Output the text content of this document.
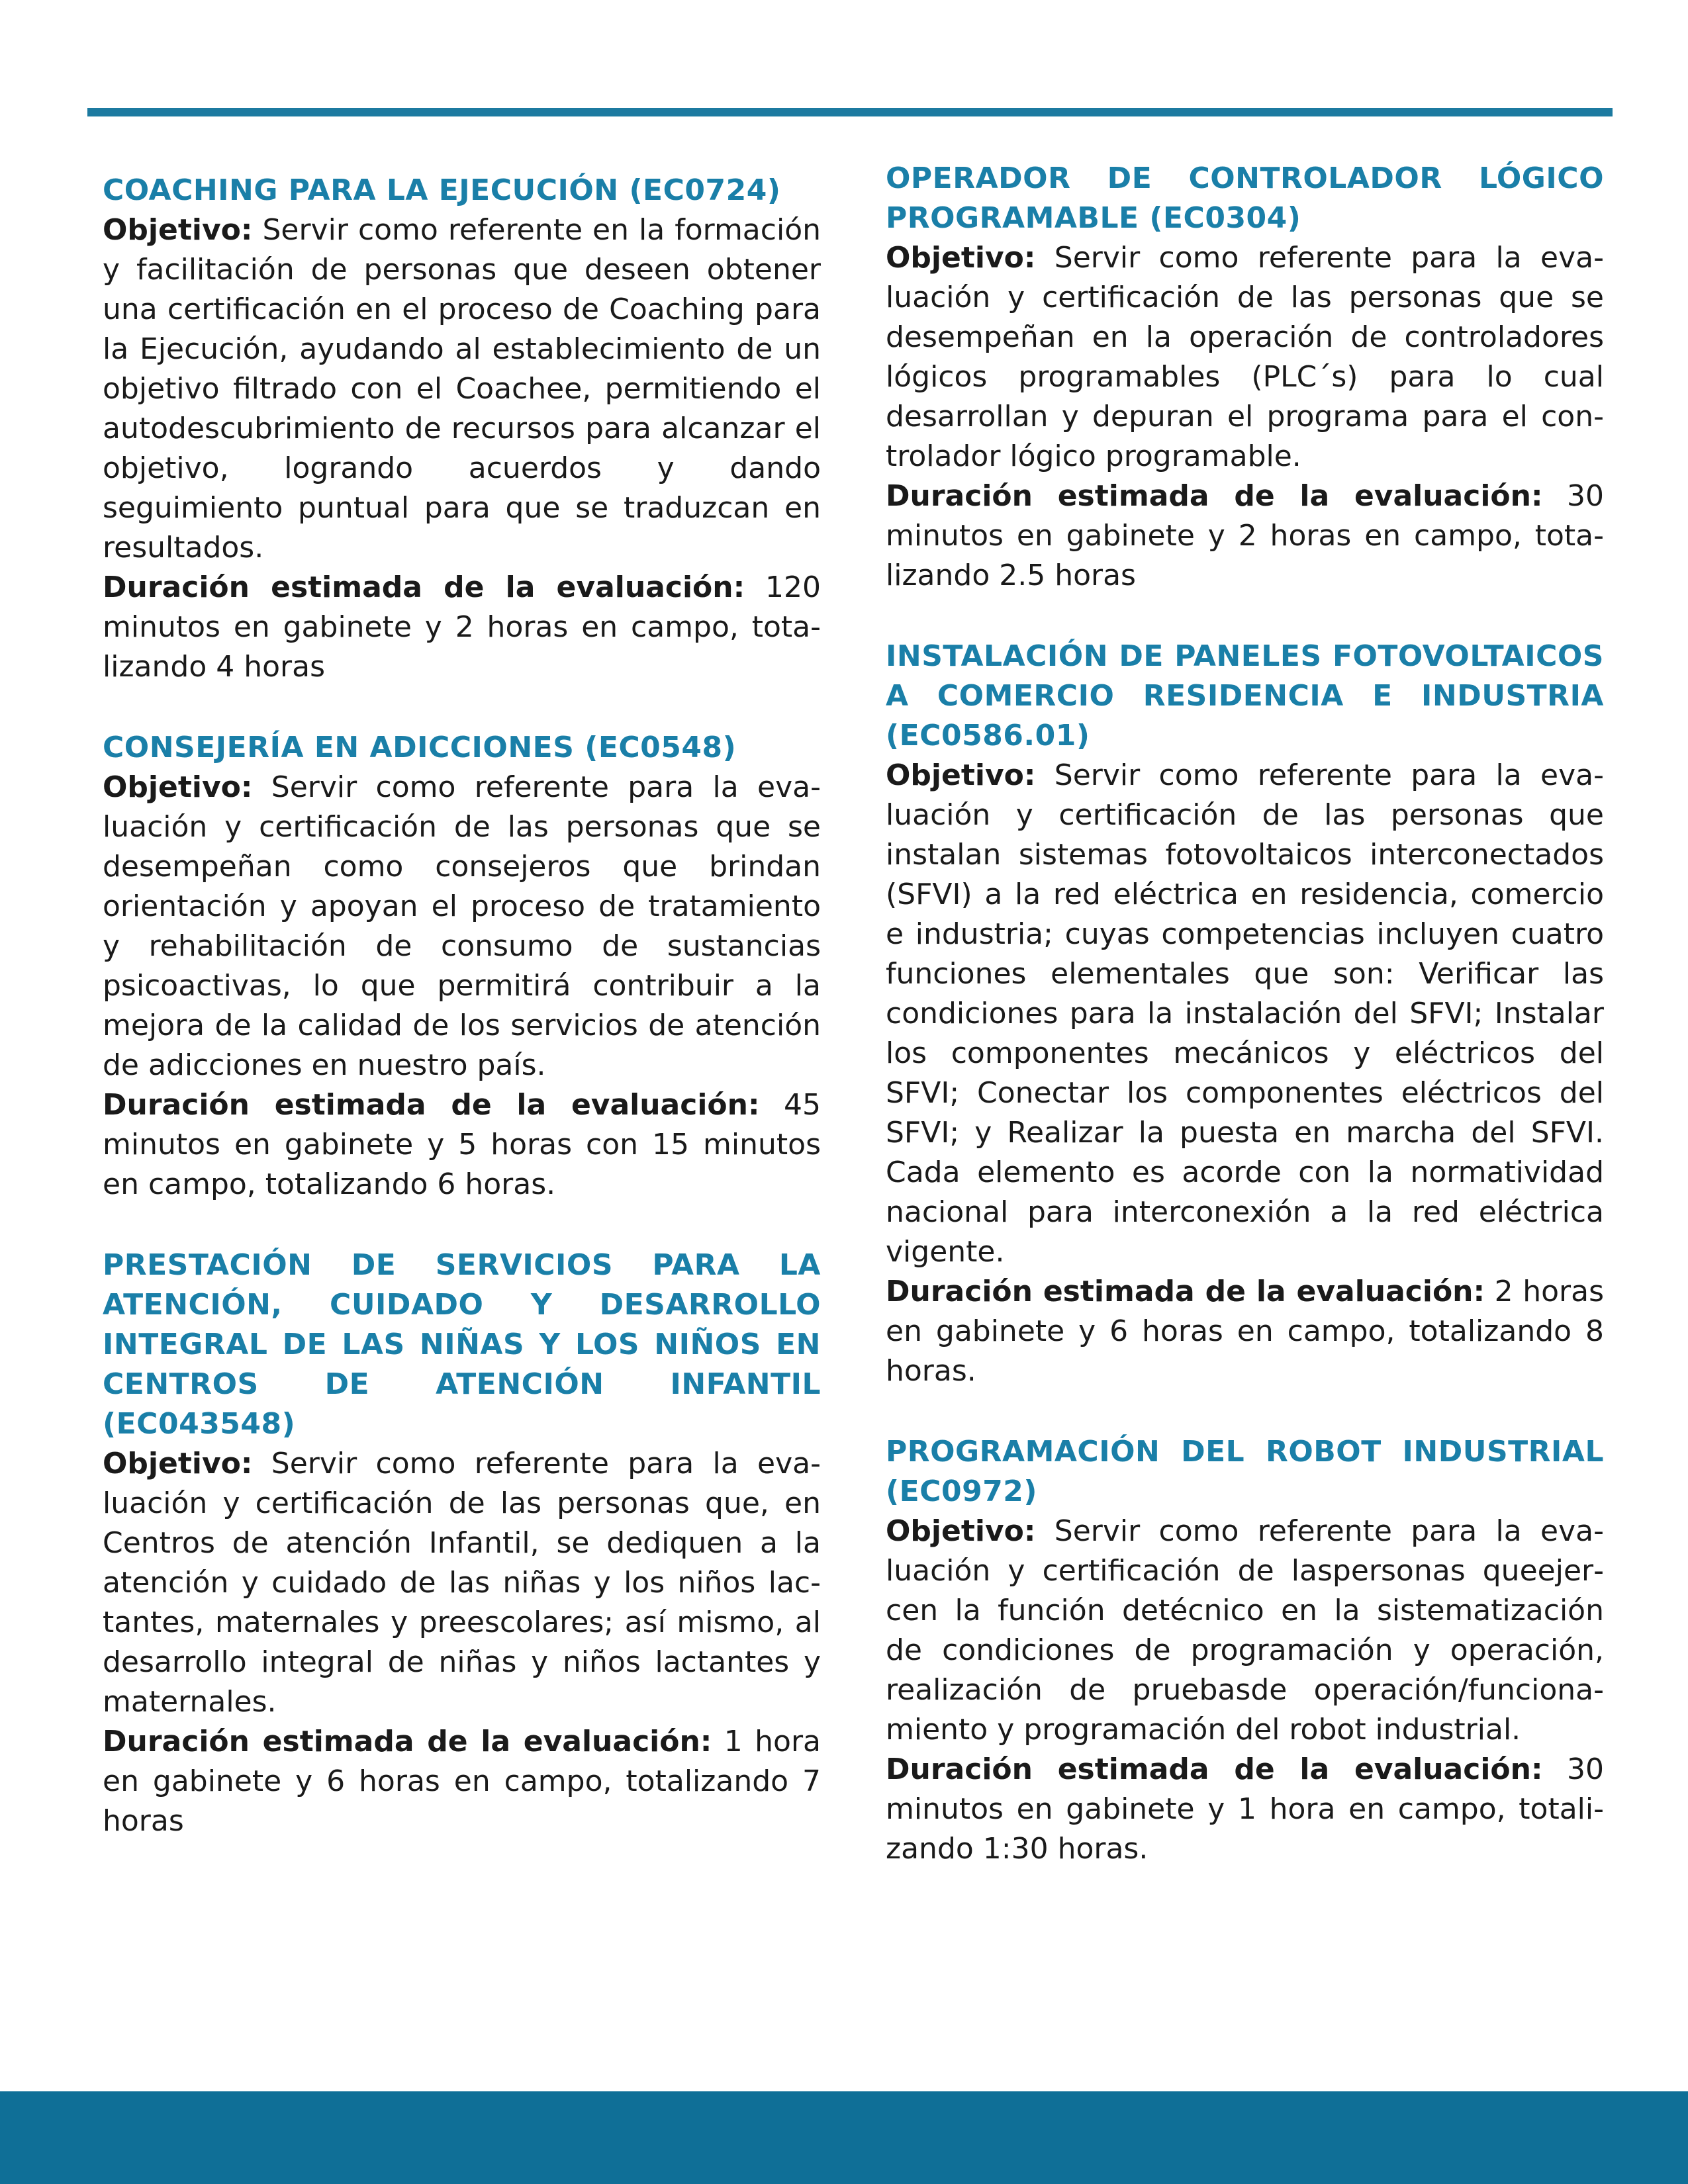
COACHING PARA LA EJECUCIÓN (EC0724)

Objetivo: Servir como referente en la formación y facilitación de personas que deseen obtener una certificación en el proceso de Coaching para la Ejecución, ayudando al establecimiento de un objetivo filtrado con el Coachee, permitiendo el autodescubrimiento de recursos para alcanzar el objetivo, logrando acuerdos y dando seguimiento puntual para que se traduzcan en resultados.

Duración estimada de la evaluación: 120 minutos en gabinete y 2 horas en campo, totalizando 4 horas

CONSEJERÍA EN ADICCIONES (EC0548)

Objetivo: Servir como referente para la evaluación y certificación de las personas que se desempeñan como consejeros que brindan orientación y apoyan el proceso de tratamiento y rehabilitación de consumo de sustancias psicoactivas, lo que permitirá contribuir a la mejora de la calidad de los servicios de atención de adicciones en nuestro país.

Duración estimada de la evaluación: 45 minutos en gabinete y 5 horas con 15 minutos en campo, totalizando 6 horas.

PRESTACIÓN DE SERVICIOS PARA LA ATENCIÓN, CUIDADO Y DESARROLLO INTEGRAL DE LAS NIÑAS Y LOS NIÑOS EN CENTROS DE ATENCIÓN INFANTIL (EC043548)

Objetivo: Servir como referente para la evaluación y certificación de las personas que, en Centros de atención Infantil, se dediquen a la atención y cuidado de las niñas y los niños lactantes, maternales y preescolares; así mismo, al desarrollo integral de niñas y niños lactantes y maternales.

Duración estimada de la evaluación: 1 hora en gabinete y 6 horas en campo, totalizando 7 horas

OPERADOR DE CONTROLADOR LÓGICO PROGRAMABLE (EC0304)

Objetivo: Servir como referente para la evaluación y certificación de las personas que se desempeñan en la operación de controladores lógicos programables (PLC´s) para lo cual desarrollan y depuran el programa para el controlador lógico programable.

Duración estimada de la evaluación: 30 minutos en gabinete y 2 horas en campo, totalizando 2.5 horas

INSTALACIÓN DE PANELES FOTOVOLTAICOS A COMERCIO RESIDENCIA E INDUSTRIA (EC0586.01)

Objetivo: Servir como referente para la evaluación y certificación de las personas que instalan sistemas fotovoltaicos interconectados (SFVI) a la red eléctrica en residencia, comercio e industria; cuyas competencias incluyen cuatro funciones elementales que son: Verificar las condiciones para la instalación del SFVI; Instalar los componentes mecánicos y eléctricos del SFVI; Conectar los componentes eléctricos del SFVI; y Realizar la puesta en marcha del SFVI. Cada elemento es acorde con la normatividad nacional para interconexión a la red eléctrica vigente.

Duración estimada de la evaluación: 2 horas en gabinete y 6 horas en campo, totalizando 8 horas.

PROGRAMACIÓN DEL ROBOT INDUSTRIAL (EC0972)

Objetivo: Servir como referente para la evaluación y certificación de laspersonas queejercen la función detécnico en la sistematización de condiciones de programación y operación, realización de pruebasde operación/funcionamiento y programación del robot industrial.

Duración estimada de la evaluación: 30 minutos en gabinete y 1 hora en campo, totalizando 1:30 horas.
